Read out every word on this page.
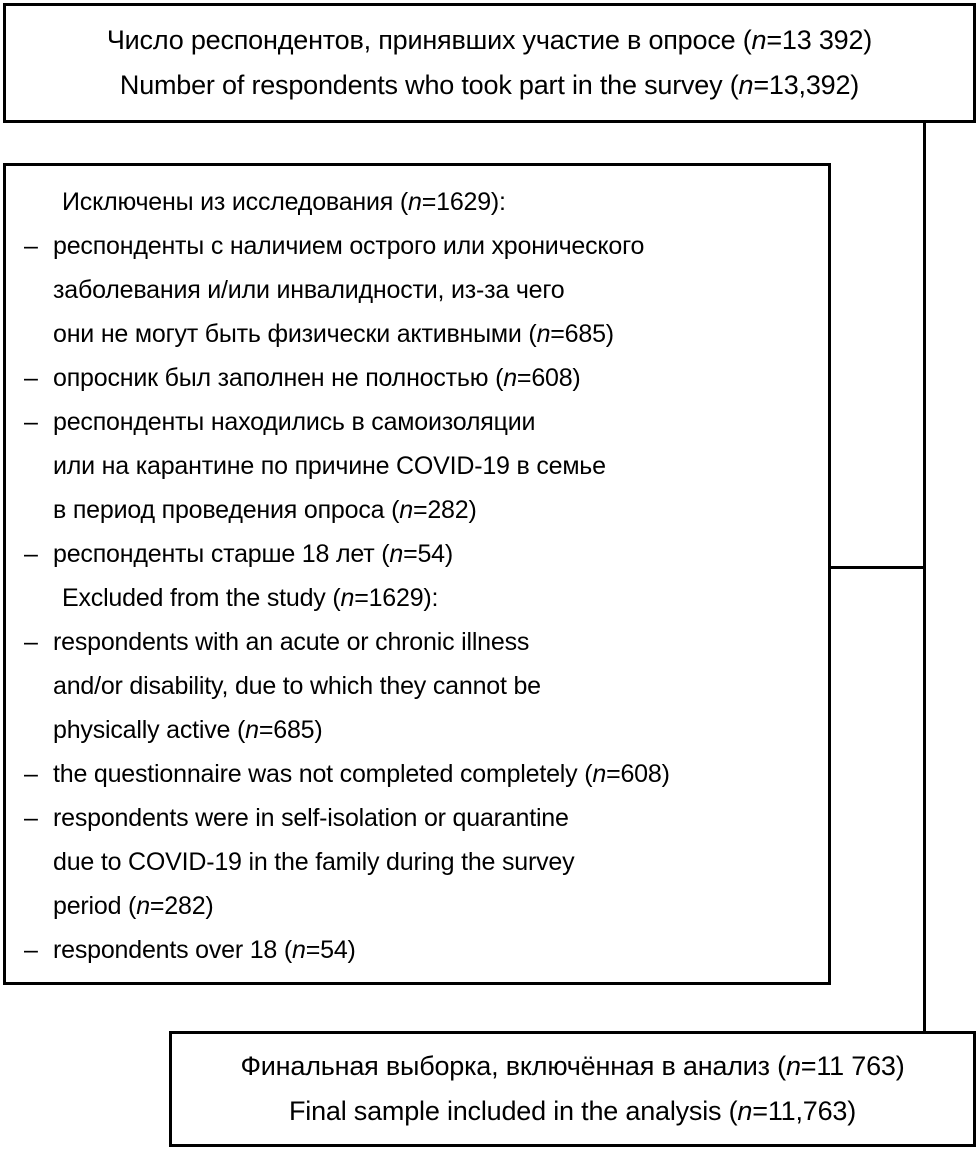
Число респондентов, принявших участие в опросе (n=13 392)
Number of respondents who took part in the survey (n=13,392)
Исключены из исследования (n=1629):
– респонденты с наличием острого или хронического
заболевания и/или инвалидности, из-за чего
они не могут быть физически активными (n=685)
– опросник был заполнен не полностью (n=608)
– респонденты находились в самоизоляции
или на карантине по причине COVID-19 в семье
в период проведения опроса (n=282)
– респонденты старше 18 лет (n=54)
Excluded from the study (n=1629):
– respondents with an acute or chronic illness
and/or disability, due to which they cannot be
physically active (n=685)
– the questionnaire was not completed completely (n=608)
– respondents were in self-isolation or quarantine
due to COVID-19 in the family during the survey
period (n=282)
– respondents over 18 (n=54)
Финальная выборка, включённая в анализ (n=11 763)
Final sample included in the analysis (n=11,763)
